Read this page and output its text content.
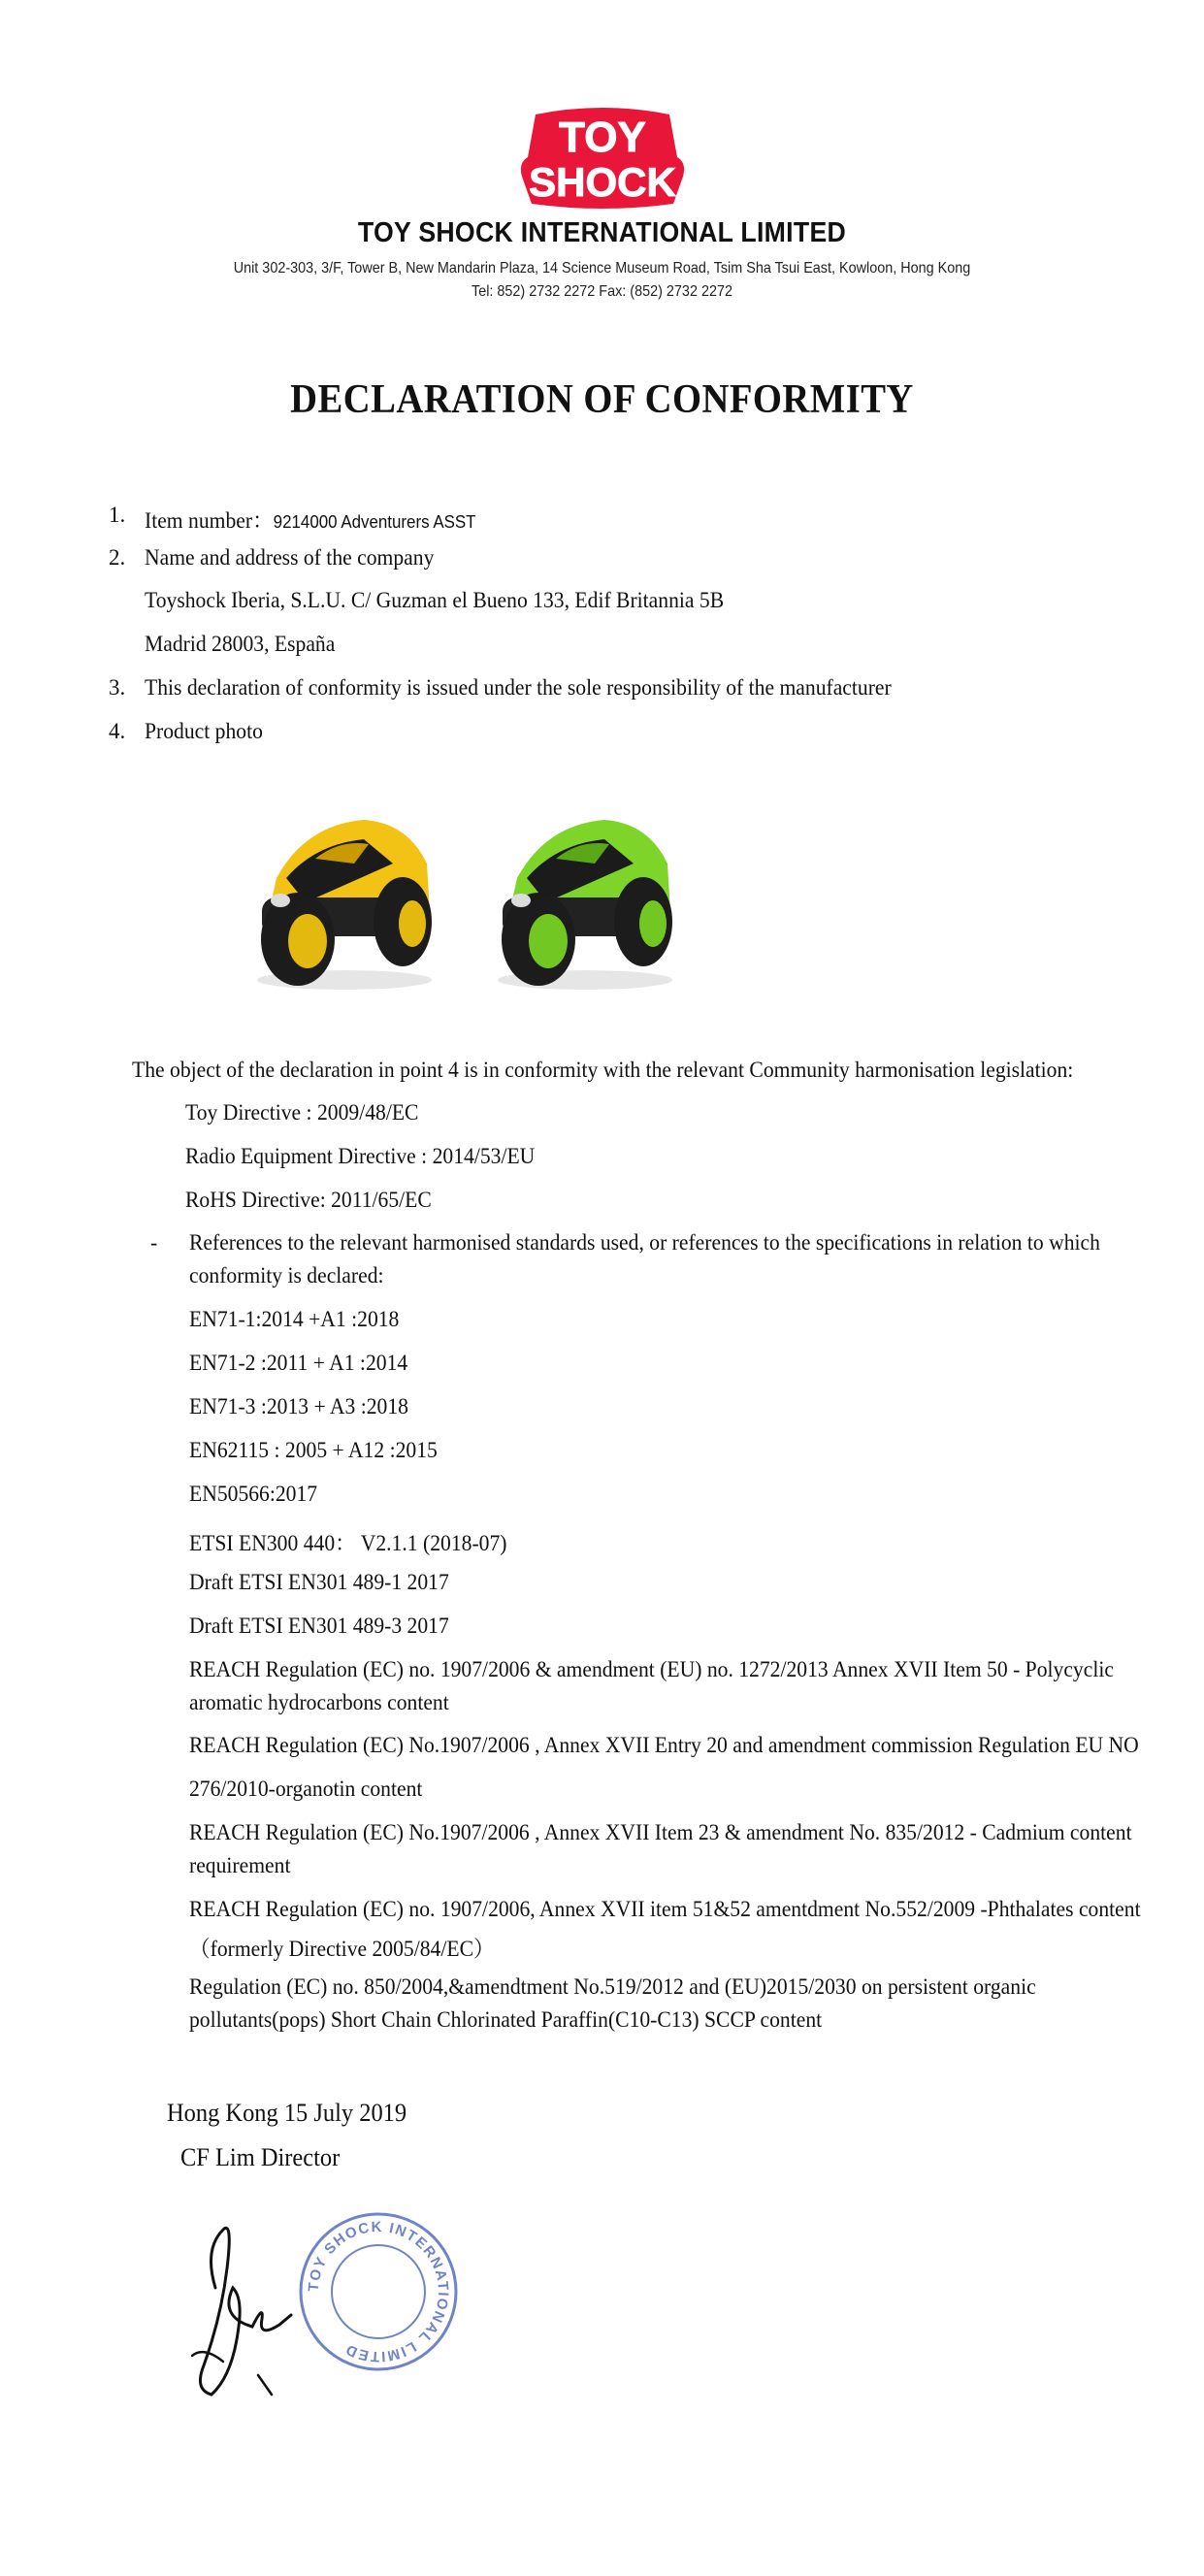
TOY
SHOCK
TOY SHOCK INTERNATIONAL LIMITED
Unit 302-303, 3/F, Tower B, New Mandarin Plaza, 14 Science Museum Road, Tsim Sha Tsui East, Kowloon, Hong Kong
Tel: 852) 2732 2272 Fax: (852) 2732 2272
DECLARATION OF CONFORMITY
1. Item number：9214000 Adventurers ASST
2. Name and address of the company
Toyshock Iberia, S.L.U. C/ Guzman el Bueno 133, Edif Britannia 5B
Madrid 28003, España
3. This declaration of conformity is issued under the sole responsibility of the manufacturer
4. Product photo
The object of the declaration in point 4 is in conformity with the relevant Community harmonisation legislation:
Toy Directive : 2009/48/EC
Radio Equipment Directive : 2014/53/EU
RoHS Directive: 2011/65/EC
- References to the relevant harmonised standards used, or references to the specifications in relation to which
conformity is declared:
EN71-1:2014 +A1 :2018
EN71-2 :2011 + A1 :2014
EN71-3 :2013 + A3 :2018
EN62115 : 2005 + A12 :2015
EN50566:2017
ETSI EN300 440： V2.1.1 (2018-07)
Draft ETSI EN301 489-1 2017
Draft ETSI EN301 489-3 2017
REACH Regulation (EC) no. 1907/2006 & amendment (EU) no. 1272/2013 Annex XVII Item 50 - Polycyclic
aromatic hydrocarbons content
REACH Regulation (EC) No.1907/2006 , Annex XVII Entry 20 and amendment commission Regulation EU NO
276/2010-organotin content
REACH Regulation (EC) No.1907/2006 , Annex XVII Item 23 & amendment No. 835/2012 - Cadmium content
requirement
REACH Regulation (EC) no. 1907/2006, Annex XVII item 51&52 amentdment No.552/2009 -Phthalates content
（formerly Directive 2005/84/EC）
Regulation (EC) no. 850/2004,&amendtment No.519/2012 and (EU)2015/2030 on persistent organic
pollutants(pops) Short Chain Chlorinated Paraffin(C10-C13) SCCP content
Hong Kong 15 July 2019
CF Lim Director
TOY SHOCK INTERNATIONAL LIMITED
